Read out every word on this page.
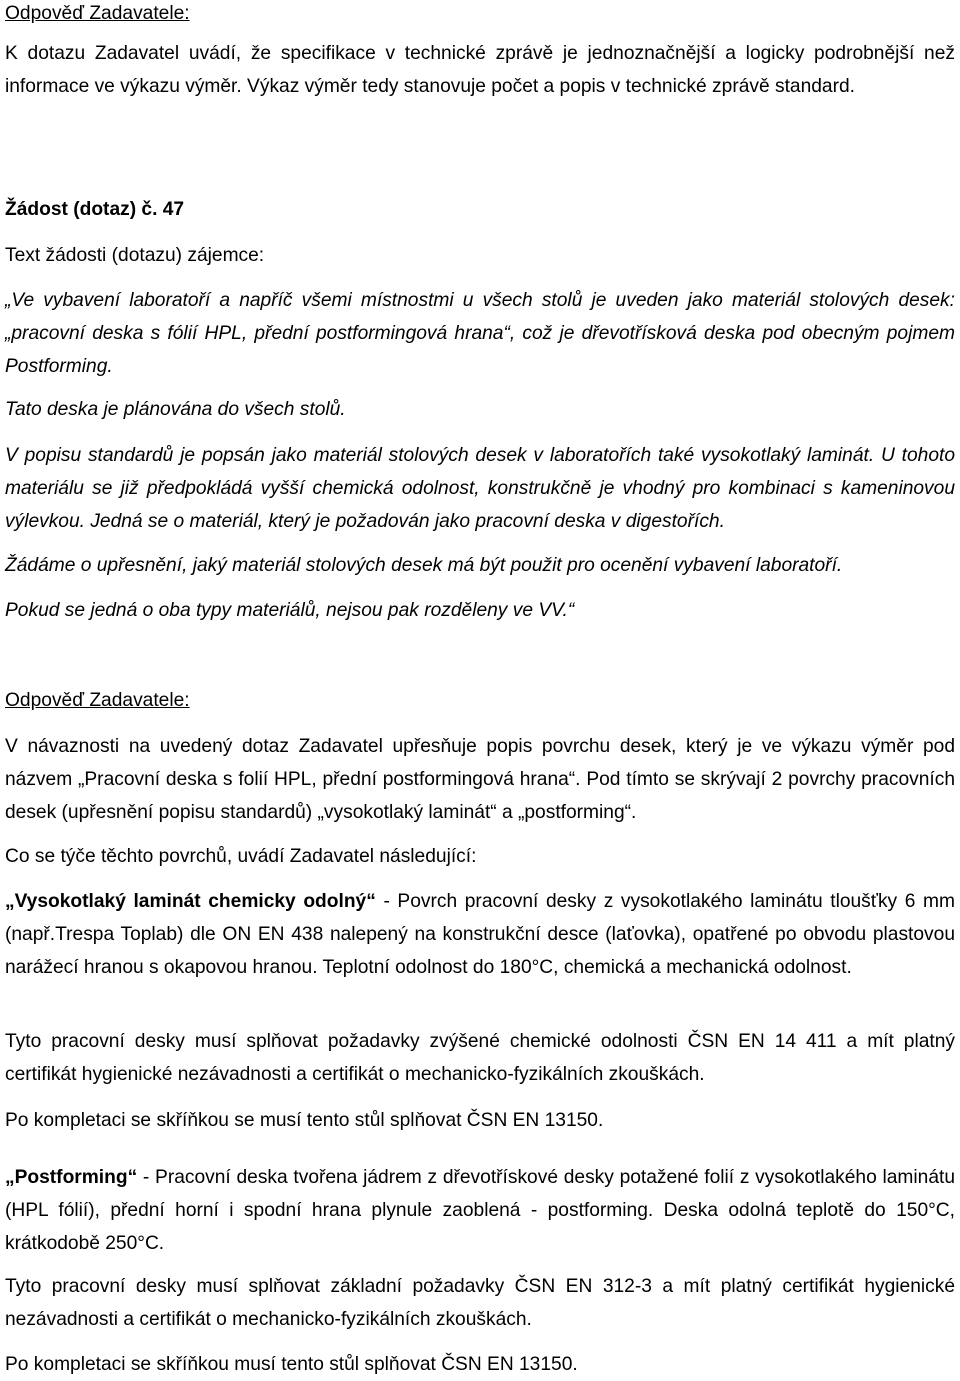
Odpověď Zadavatele:

K dotazu Zadavatel uvádí, že specifikace v technické zprávě je jednoznačnější a logicky podrobnější než informace ve výkazu výměr. Výkaz výměr tedy stanovuje počet a popis v technické zprávě standard.

Žádost (dotaz) č. 47

Text žádosti (dotazu) zájemce:

„Ve vybavení laboratoří a napříč všemi místnostmi u všech stolů je uveden jako materiál stolových desek: „pracovní deska s fólií HPL, přední postformingová hrana“, což je dřevotřísková deska pod obecným pojmem Postforming.

Tato deska je plánována do všech stolů.

V popisu standardů je popsán jako materiál stolových desek v laboratořích také vysokotlaký laminát. U tohoto materiálu se již předpokládá vyšší chemická odolnost, konstrukčně je vhodný pro kombinaci s kameninovou výlevkou. Jedná se o materiál, který je požadován jako pracovní deska v digestořích.

Žádáme o upřesnění, jaký materiál stolových desek má být použit pro ocenění vybavení laboratoří.

Pokud se jedná o oba typy materiálů, nejsou pak rozděleny ve VV.“

Odpověď Zadavatele:

V návaznosti na uvedený dotaz Zadavatel upřesňuje popis povrchu desek, který je ve výkazu výměr pod názvem „Pracovní deska s folií HPL, přední postformingová hrana“. Pod tímto se skrývají 2 povrchy pracovních desek (upřesnění popisu standardů) „vysokotlaký laminát“ a „postforming“.

Co se týče těchto povrchů, uvádí Zadavatel následující:

„Vysokotlaký laminát chemicky odolný“ - Povrch pracovní desky z vysokotlakého laminátu tloušťky 6 mm (např.Trespa Toplab) dle ON EN 438 nalepený na konstrukční desce (laťovka), opatřené po obvodu plastovou narážecí hranou s okapovou hranou. Teplotní odolnost do 180°C, chemická a mechanická odolnost.

Tyto pracovní desky musí splňovat požadavky zvýšené chemické odolnosti ČSN EN 14 411 a mít platný certifikát hygienické nezávadnosti a certifikát o mechanicko-fyzikálních zkouškách.

Po kompletaci se skříňkou se musí tento stůl splňovat ČSN EN 13150.

„Postforming“ - Pracovní deska tvořena jádrem z dřevotřískové desky potažené folií z vysokotlakého laminátu (HPL fólií), přední horní i spodní hrana plynule zaoblená - postforming. Deska odolná teplotě do 150°C, krátkodobě 250°C.

Tyto pracovní desky musí splňovat základní požadavky ČSN EN 312-3 a mít platný certifikát hygienické nezávadnosti a certifikát o mechanicko-fyzikálních zkouškách.

Po kompletaci se skříňkou musí tento stůl splňovat ČSN EN 13150.
